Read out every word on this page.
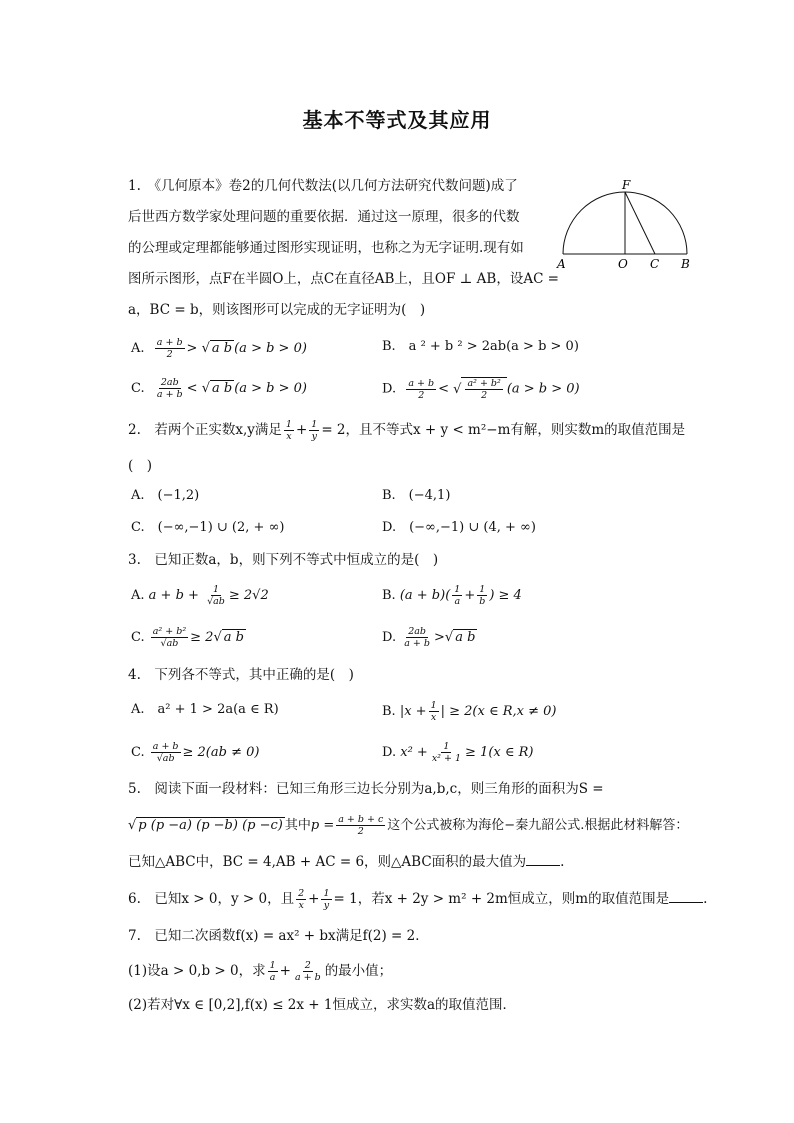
基本不等式及其应用
1.　《几何原本》卷2的几何代数法(以几何方法研究代数问题)成了
后世西方数学家处理问题的重要依据．通过这一原理，很多的代数
的公理或定理都能够通过图形实现证明，也称之为无字证明.现有如
图所示图形，点F在半圆O上，点C在直径AB上，且OF ⊥ AB，设AC =
a，BC = b，则该图形可以完成的无字证明为(　)
F
A	O C B
A. $\frac{a + b}{2}$ > √ a b (a > b > 0)	B.　a ² + b ² > 2ab(a > b > 0)
C. $\frac{2ab}{a + b}$ < √ a b (a > b > 0)	D. $\frac{a + b}{2}$ < √ $\frac{\text{a² + b²}}{2} (a > b > 0)$
2.　若两个正实数x,y满足 $\frac{1}{x} + \frac{1}{y} = 2$，且不等式x + y < m²−m有解，则实数m的取值范围是
(　)
A.　(−1,2)	B.　(−4,1)
C.　(−∞,−1) ∪ (2, + ∞)	D.　(−∞,−1) ∪ (4, + ∞)
3.　已知正数a，b，则下列不等式中恒成立的是(　)
A. $a + b + \frac{1}{√ab} \ge 2√2$	B. $(a + b)( \frac{1}{a} + \frac{1}{b}$ ) ≥ 4
C. $\frac{\text{a² + b²}}{√ab} \ge 2√$ a b	D. $\frac{2ab}{a + b}$ >√ a b
4.　下列各不等式，其中正确的是(　)
A.　a² + 1 > 2a(a ∈ R)	B. $|x + \frac{1}{x}$ | ≥ 2(x ∈ R,x ≠ 0)
C. $\frac{a + b}{√ab} \ge 2(ab \ne 0)$	D. $x^2 + \frac{1}{\text{x² + 1}} \ge 1(x$ ∈ R)
5.　阅读下面一段材料：已知三角形三边长分别为a,b,c，则三角形的面积为S =
√ p (p −a) (p −b) (p −c) 其中$p = \frac{a + b + c}{2}$ 这个公式被称为海伦−秦九韶公式.根据此材料解答：
已知△ABC中，BC = 4,AB + AC = 6，则△ABC面积的最大值为	.
6.　已知x > 0，y > 0，且 $\frac{2}{x} + \frac{1}{y} = 1$，若x + 2y > m² + 2m恒成立，则m的取值范围是	.
7.　已知二次函数f(x) = ax² + bx满足f(2) = 2．
(1)设a > 0,b > 0，求 $\frac{1}{a} + \frac{2}{a + b}$ 的最小值；
(2)若对∀x ∈ [0,2],f(x) ≤ 2x + 1恒成立，求实数a的取值范围．
